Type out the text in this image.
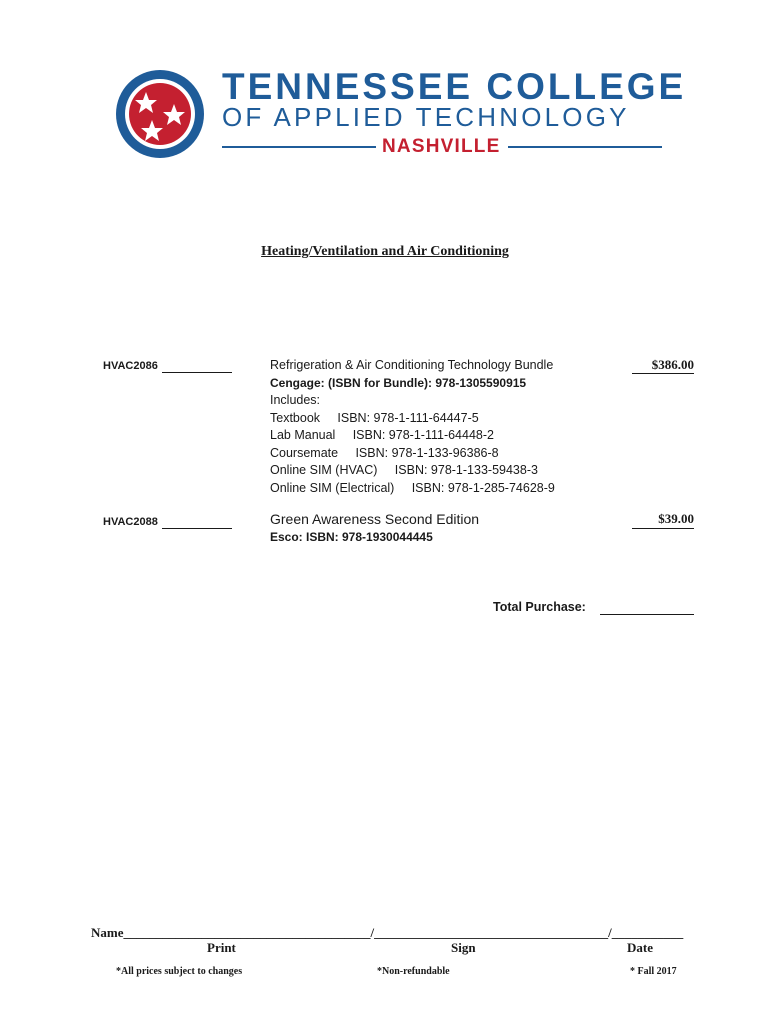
TENNESSEE COLLEGE
OF APPLIED TECHNOLOGY
NASHVILLE
Heating/Ventilation and Air Conditioning
HVAC2086	Refrigeration & Air Conditioning Technology Bundle
Cengage: (ISBN for Bundle): 978-1305590915
Includes:
Textbook     ISBN: 978-1-111-64447-5
Lab Manual     ISBN: 978-1-111-64448-2
Coursemate     ISBN: 978-1-133-96386-8
Online SIM (HVAC)     ISBN: 978-1-133-59438-3
Online SIM (Electrical)     ISBN: 978-1-285-74628-9
$386.00
HVAC2088	Green Awareness Second Edition
Esco: ISBN: 978-1930044445
$39.00
Total Purchase:
Name______________________________________/____________________________________/___________
Print	Sign	Date
*All prices subject to changes	*Non-refundable	* Fall 2017
